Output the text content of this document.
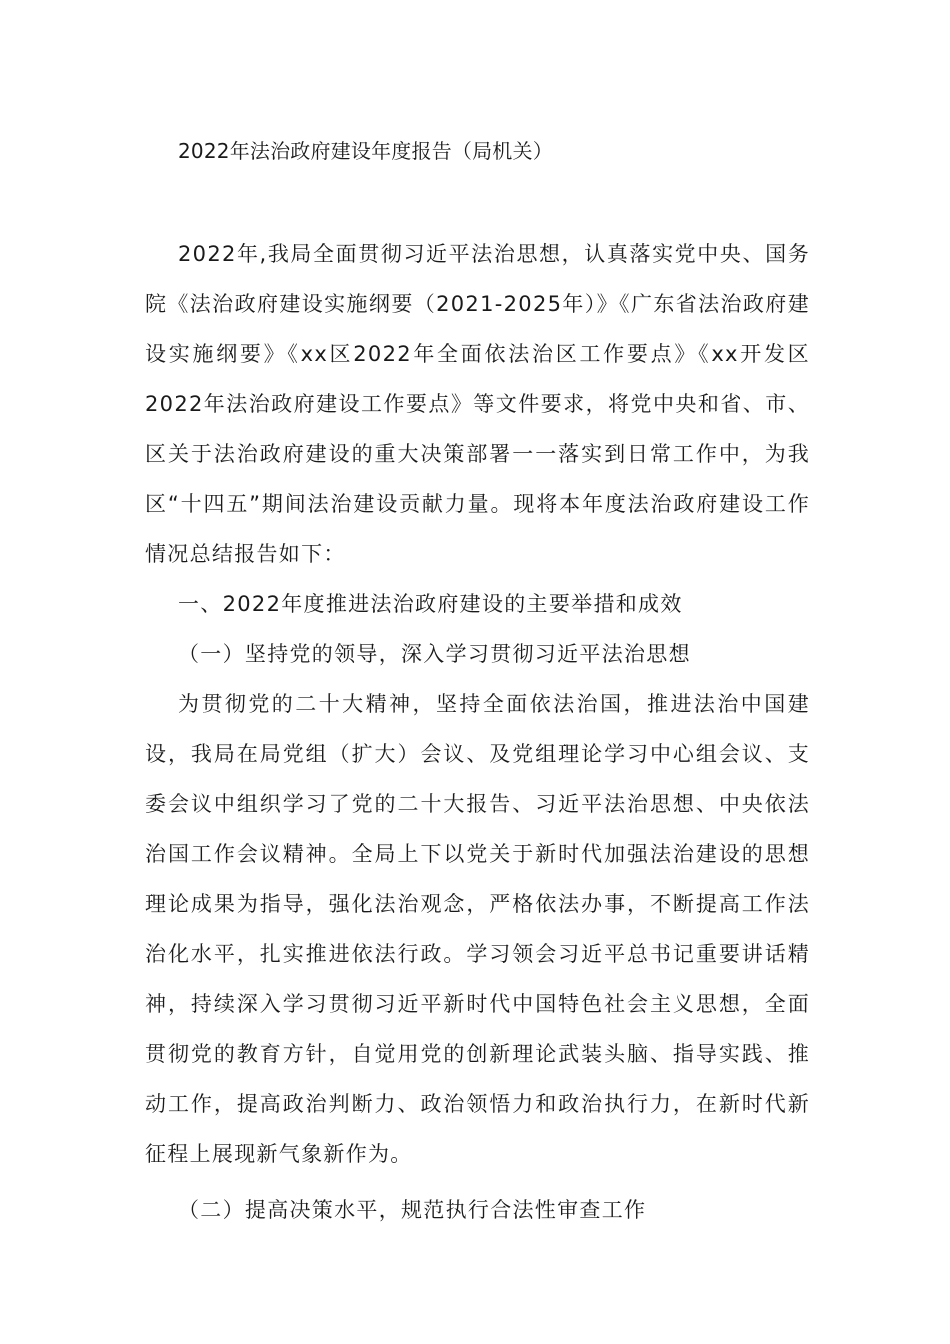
2022年法治政府建设年度报告（局机关）

2022年,我局全面贯彻习近平法治思想，认真落实党中央、国务院《法治政府建设实施纲要（2021-2025年）》《广东省法治政府建设实施纲要》《xx区2022年全面依法治区工作要点》《xx开发区2022年法治政府建设工作要点》等文件要求，将党中央和省、市、区关于法治政府建设的重大决策部署一一落实到日常工作中，为我区“十四五”期间法治建设贡献力量。现将本年度法治政府建设工作情况总结报告如下：

一、2022年度推进法治政府建设的主要举措和成效

（一）坚持党的领导，深入学习贯彻习近平法治思想

为贯彻党的二十大精神，坚持全面依法治国，推进法治中国建设，我局在局党组（扩大）会议、及党组理论学习中心组会议、支委会议中组织学习了党的二十大报告、习近平法治思想、中央依法治国工作会议精神。全局上下以党关于新时代加强法治建设的思想理论成果为指导，强化法治观念，严格依法办事，不断提高工作法治化水平，扎实推进依法行政。学习领会习近平总书记重要讲话精神，持续深入学习贯彻习近平新时代中国特色社会主义思想，全面贯彻党的教育方针，自觉用党的创新理论武装头脑、指导实践、推动工作，提高政治判断力、政治领悟力和政治执行力，在新时代新征程上展现新气象新作为。

（二）提高决策水平，规范执行合法性审查工作
